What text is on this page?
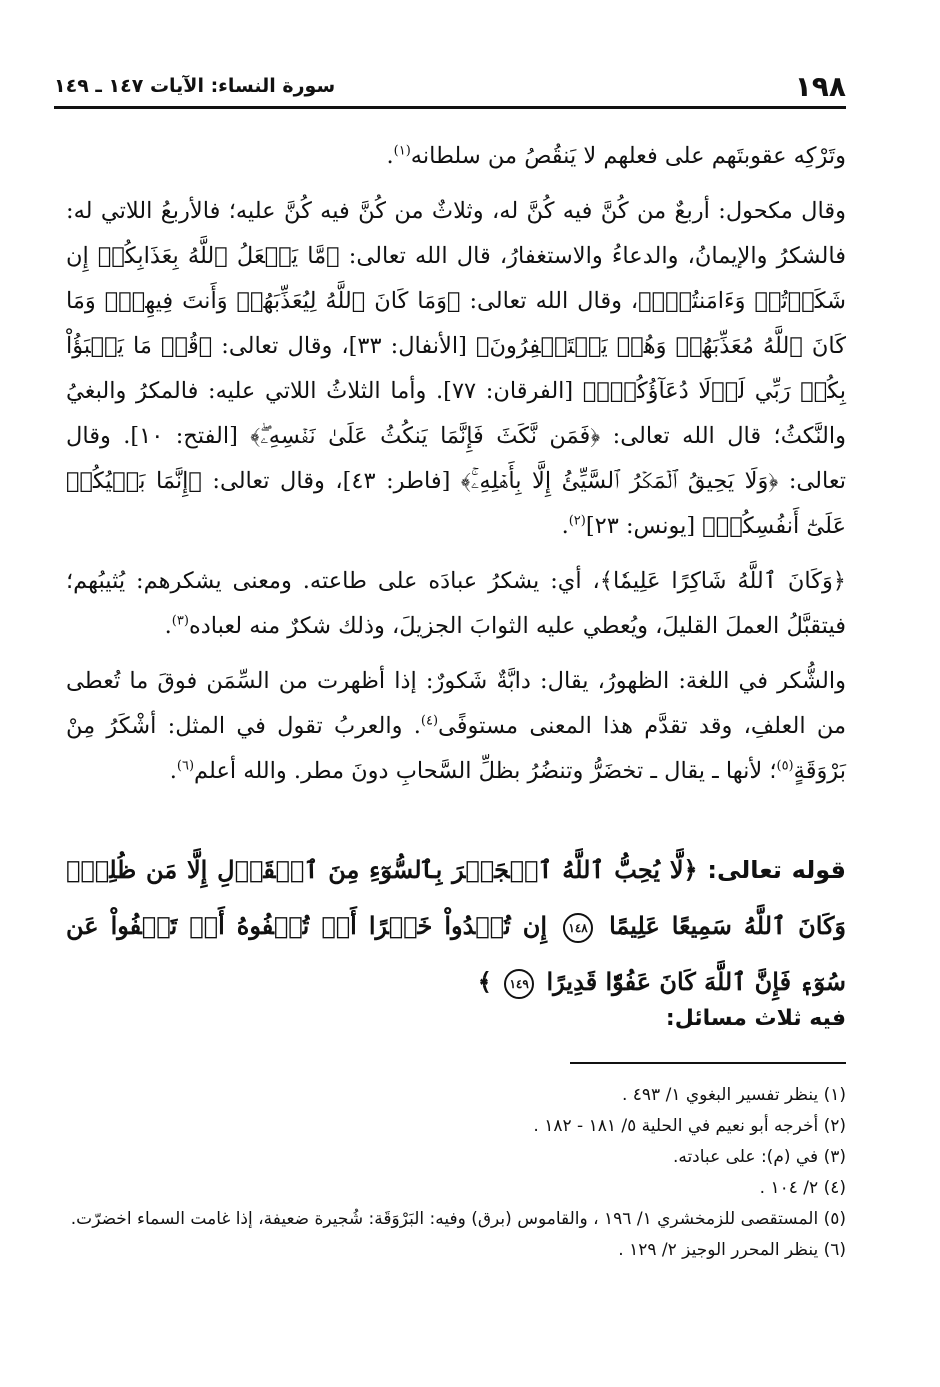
١٩٨
سورة النساء: الآيات ١٤٧ ـ ١٤٩

وتَرْكِه عقوبتَهم على فعلهم لا يَنقُصُ من سلطانه$^{(١)}$.

وقال مكحول: أربعٌ من كُنَّ فيه كُنَّ له، وثلاثٌ من كُنَّ فيه كُنَّ عليه؛ فالأربعُ اللاتي له: فالشكرُ والإيمانُ، والدعاءُ والاستغفارُ، قال الله تعالى: ﴿مَّا يَفۡعَلُ ٱللَّهُ بِعَذَابِكُمۡ إِن شَكَرۡتُمۡ وَءَامَنتُمۡۚ﴾، وقال الله تعالى: ﴿وَمَا كَانَ ٱللَّهُ لِيُعَذِّبَهُمۡ وَأَنتَ فِيهِمۡۚ وَمَا كَانَ ٱللَّهُ مُعَذِّبَهُمۡ وَهُمۡ يَسۡتَغۡفِرُونَ﴾ [الأنفال: ٣٣]، وقال تعالى: ﴿قُلۡ مَا يَعۡبَؤُاْ بِكُمۡ رَبِّي لَوۡلَا دُعَآؤُكُمۡۖ﴾ [الفرقان: ٧٧]. وأما الثلاثُ اللاتي عليه: فالمكرُ والبغيُ والنَّكثُ؛ قال الله تعالى: ﴿فَمَن نَّكَثَ فَإِنَّمَا يَنكُثُ عَلَىٰ نَفۡسِهِۦۖ﴾ [الفتح: ١٠]. وقال تعالى: ﴿وَلَا يَحِيقُ ٱلۡمَكۡرُ ٱلسَّيِّئُ إِلَّا بِأَهۡلِهِۦۚ﴾ [فاطر: ٤٣]، وقال تعالى: ﴿إِنَّمَا بَغۡيُكُمۡ عَلَىٰٓ أَنفُسِكُمۖ﴾ [يونس: ٢٣]$^{(٢)}$.

﴿وَكَانَ ٱللَّهُ شَاكِرًا عَلِيمٗا﴾، أي: يشكرُ عبادَه على طاعته. ومعنى يشكرهم: يُثيبُهم؛ فيتقبَّلُ العملَ القليلَ، ويُعطي عليه الثوابَ الجزيلَ، وذلك شكرٌ منه لعباده$^{(٣)}$.

والشُّكر في اللغة: الظهورُ، يقال: دابَّةٌ شَكورٌ: إذا أظهرت من السِّمَن فوقَ ما تُعطى من العلفِ، وقد تقدَّم هذا المعنى مستوفًى$^{(٤)}$. والعربُ تقول في المثل: أشْكَرُ مِنْ بَرْوَقَةٍ$^{(٥)}$؛ لأنها ـ يقال ـ تخضَرُّ وتنضُرُ بظلِّ السَّحابِ دونَ مطر. والله أعلم$^{(٦)}$.

قوله تعالى: ﴿لَّا يُحِبُّ ٱللَّهُ ٱلۡجَهۡرَ بِٱلسُّوٓءِ مِنَ ٱلۡقَوۡلِ إِلَّا مَن ظُلِمَۚ وَكَانَ ٱللَّهُ سَمِيعًا عَلِيمًا ١٤٨ إِن تُبۡدُواْ خَيۡرًا أَوۡ تُخۡفُوهُ أَوۡ تَعۡفُواْ عَن سُوٓءٖ فَإِنَّ ٱللَّهَ كَانَ عَفُوّٗا قَدِيرًا ١٤٩ ﴾
فيه ثلاث مسائل:
(١) ينظر تفسير البغوي ١/ ٤٩٣ .
(٢) أخرجه أبو نعيم في الحلية ٥/ ١٨١ - ١٨٢ .
(٣) في (م): على عبادته.
(٤) ٢/ ١٠٤ .
(٥) المستقصى للزمخشري ١/ ١٩٦ ، والقاموس (برق) وفيه: البَرْوَقَة: شُجيرة ضعيفة، إذا غامت السماء اخضرّت.
(٦) ينظر المحرر الوجيز ٢/ ١٢٩ .
